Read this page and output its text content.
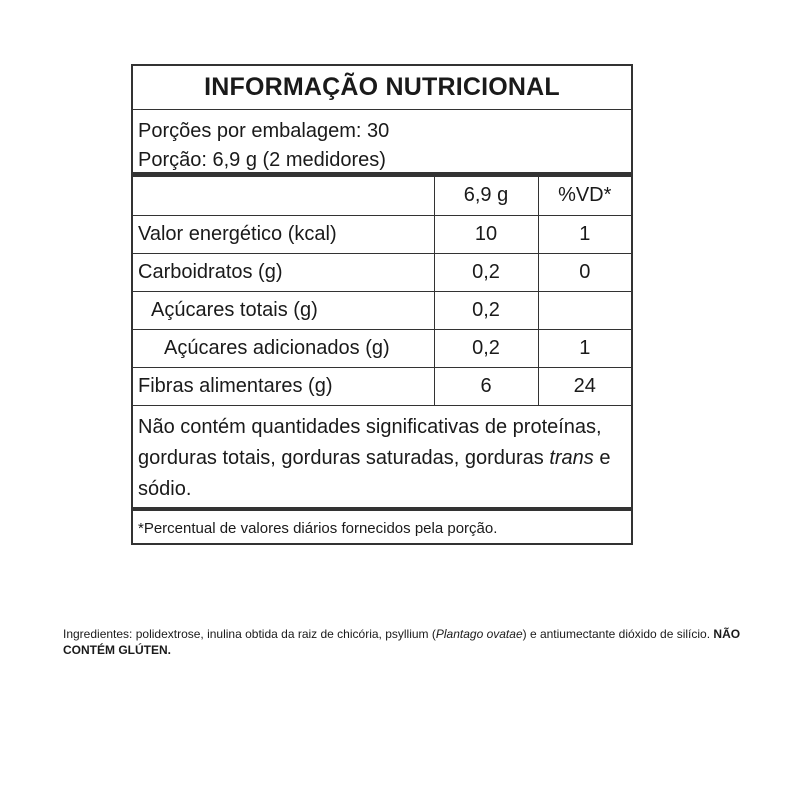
INFORMAÇÃO NUTRICIONAL
Porções por embalagem: 30
Porção: 6,9 g (2 medidores)
	6,9 g	%VD*
Valor energético (kcal)	10	1
Carboidratos (g)	0,2	0
Açúcares totais (g)	0,2	
Açúcares adicionados (g)	0,2	1
Fibras alimentares (g)	6	24
Não contém quantidades significativas de proteínas, gorduras totais, gorduras saturadas, gorduras trans e sódio.
*Percentual de valores diários fornecidos pela porção.
Ingredientes: polidextrose, inulina obtida da raiz de chicória, psyllium (Plantago ovatae) e antiumectante dióxido de silício. NÃO CONTÉM GLÚTEN.
